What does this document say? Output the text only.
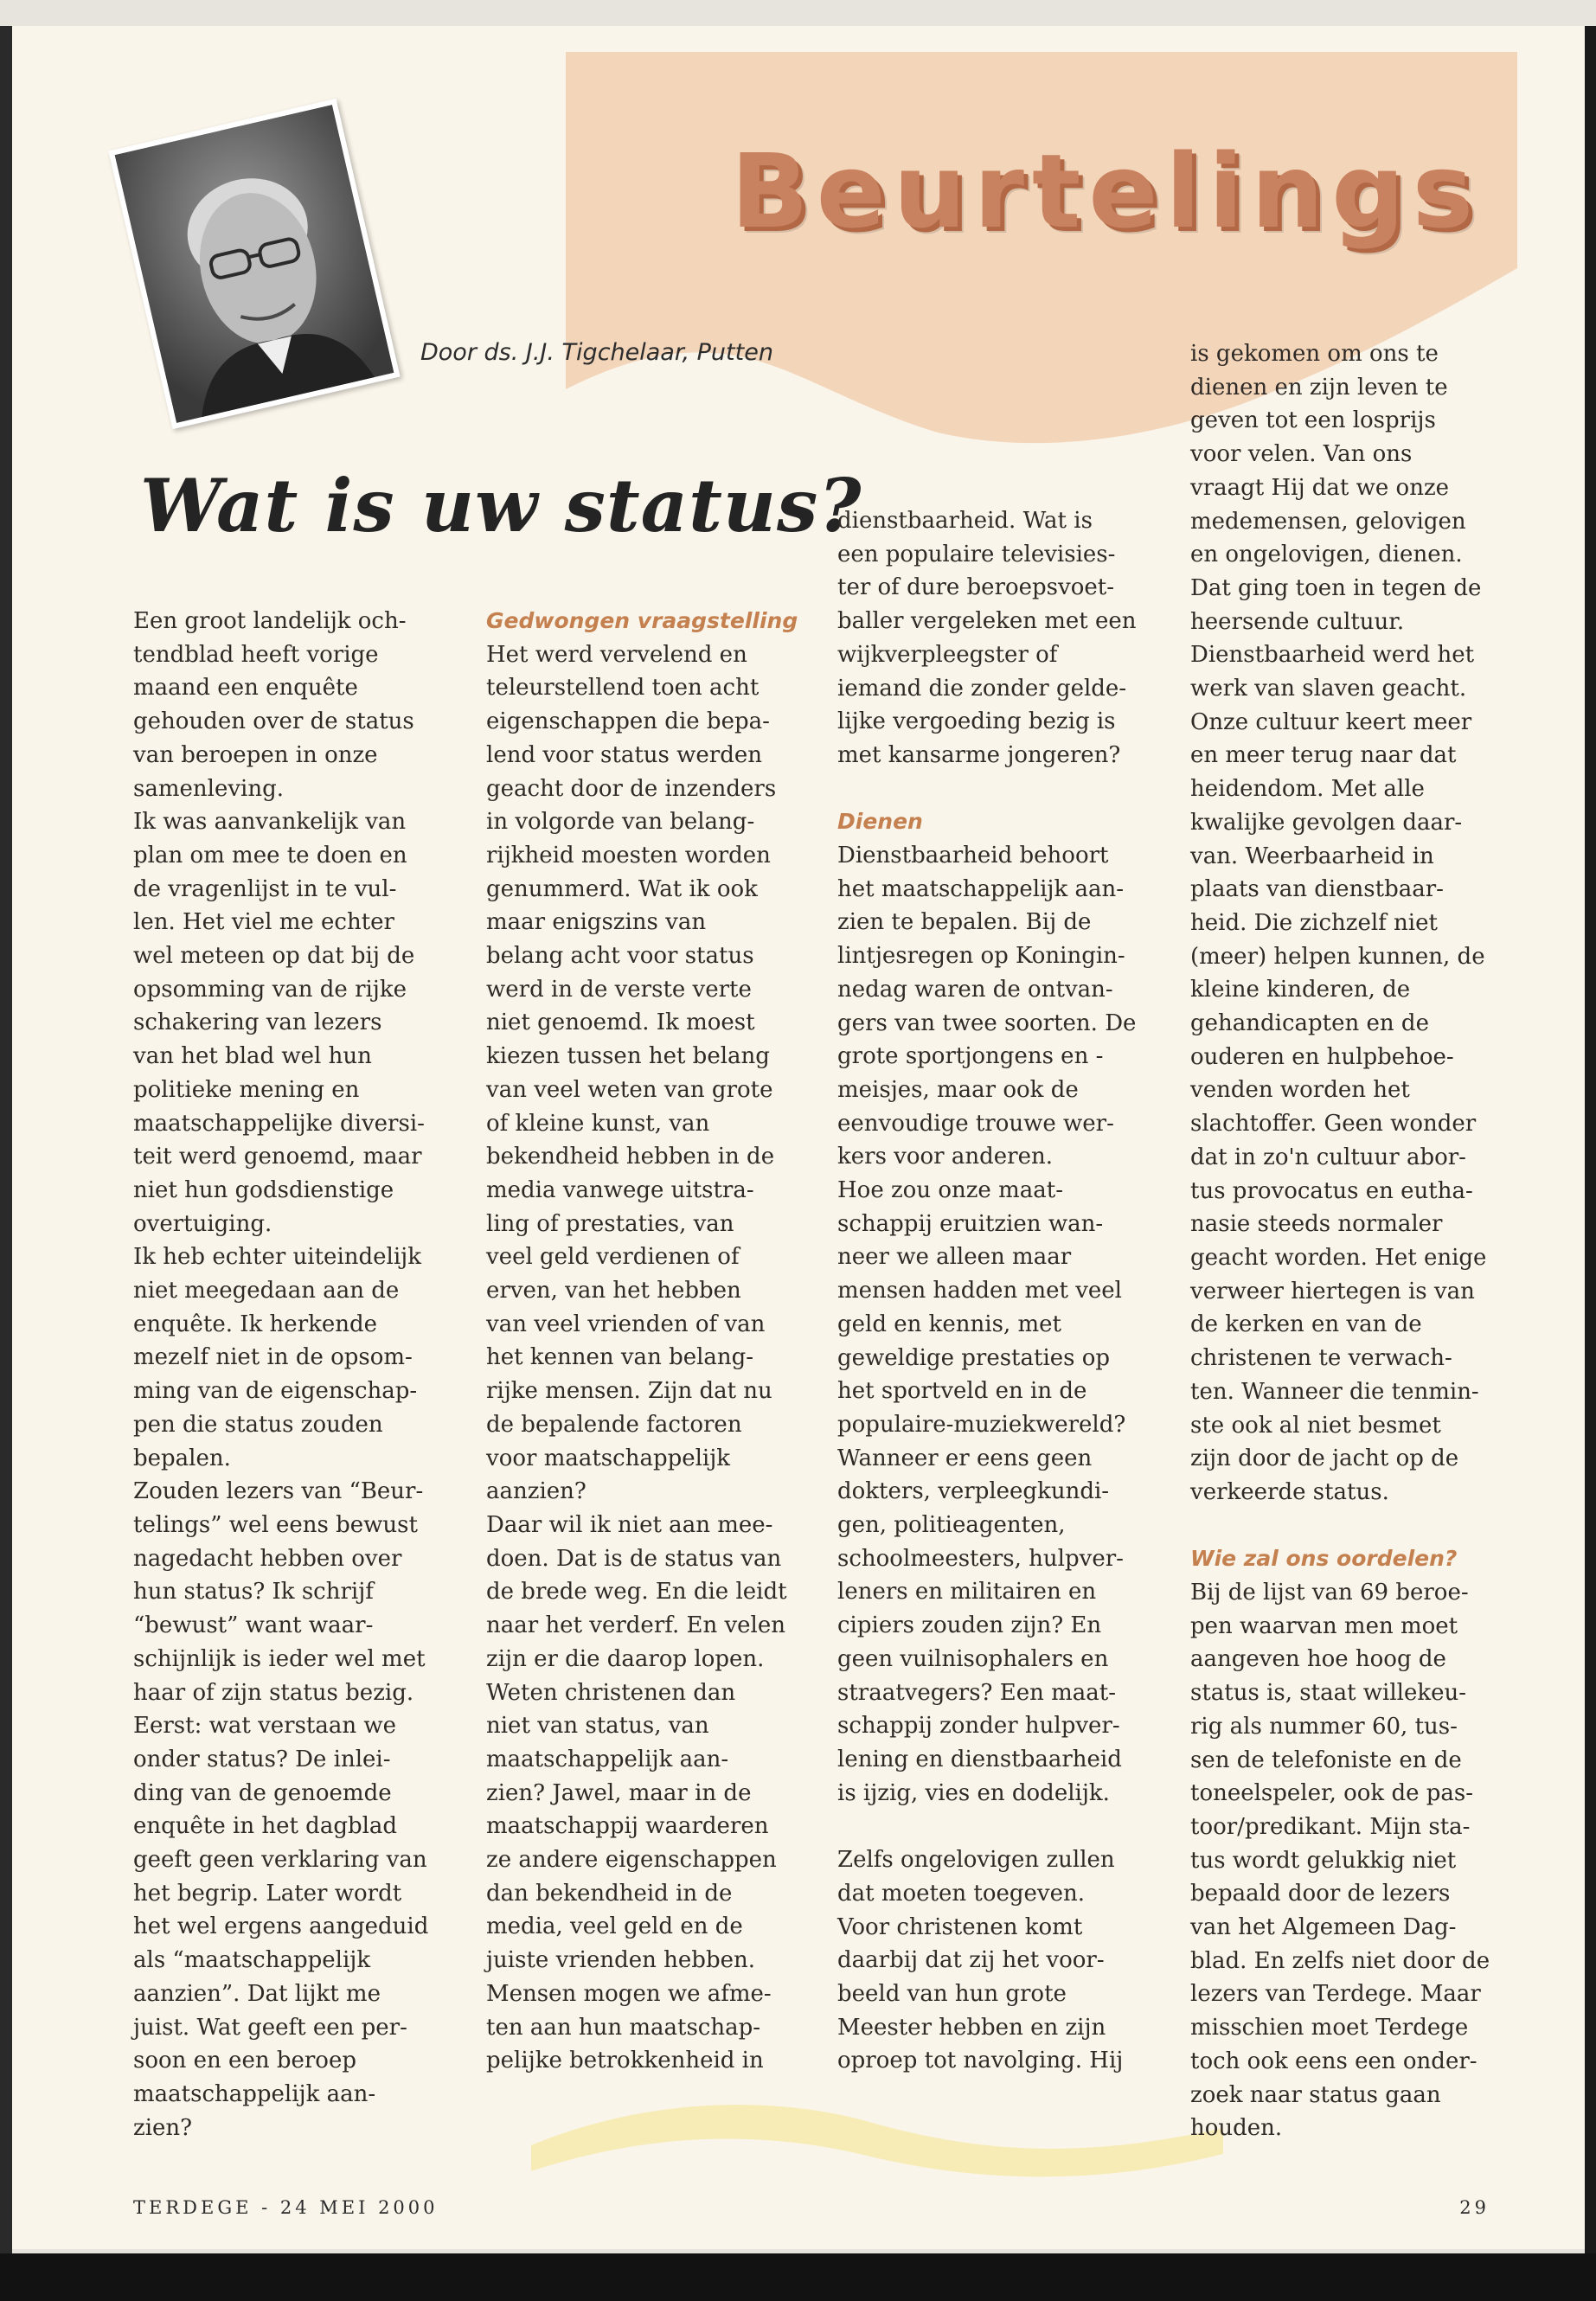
Beurtelings

Door ds. J.J. Tigchelaar, Putten

Wat is uw status?

Een groot landelijk och-
tendblad heeft vorige
maand een enquête
gehouden over de status
van beroepen in onze
samenleving.

Ik was aanvankelijk van
plan om mee te doen en
de vragenlijst in te vul-
len. Het viel me echter
wel meteen op dat bij de
opsomming van de rijke
schakering van lezers
van het blad wel hun
politieke mening en
maatschappelijke diversi-
teit werd genoemd, maar
niet hun godsdienstige
overtuiging.

Ik heb echter uiteindelijk
niet meegedaan aan de
enquête. Ik herkende
mezelf niet in de opsom-
ming van de eigenschap-
pen die status zouden
bepalen.

Zouden lezers van “Beur-
telings” wel eens bewust
nagedacht hebben over
hun status? Ik schrijf
“bewust” want waar-
schijnlijk is ieder wel met
haar of zijn status bezig.
Eerst: wat verstaan we
onder status? De inlei-
ding van de genoemde
enquête in het dagblad
geeft geen verklaring van
het begrip. Later wordt
het wel ergens aangeduid
als “maatschappelijk
aanzien”. Dat lijkt me
juist. Wat geeft een per-
soon en een beroep
maatschappelijk aan-
zien?

Gedwongen vraagstelling

Het werd vervelend en
teleurstellend toen acht
eigenschappen die bepa-
lend voor status werden
geacht door de inzenders
in volgorde van belang-
rijkheid moesten worden
genummerd. Wat ik ook
maar enigszins van
belang acht voor status
werd in de verste verte
niet genoemd. Ik moest
kiezen tussen het belang
van veel weten van grote
of kleine kunst, van
bekendheid hebben in de
media vanwege uitstra-
ling of prestaties, van
veel geld verdienen of
erven, van het hebben
van veel vrienden of van
het kennen van belang-
rijke mensen. Zijn dat nu
de bepalende factoren
voor maatschappelijk
aanzien?

Daar wil ik niet aan mee-
doen. Dat is de status van
de brede weg. En die leidt
naar het verderf. En velen
zijn er die daarop lopen.
Weten christenen dan
niet van status, van
maatschappelijk aan-
zien? Jawel, maar in de
maatschappij waarderen
ze andere eigenschappen
dan bekendheid in de
media, veel geld en de
juiste vrienden hebben.
Mensen mogen we afme-
ten aan hun maatschap-
pelijke betrokkenheid in

dienstbaarheid. Wat is
een populaire televisies-
ter of dure beroepsvoet-
baller vergeleken met een
wijkverpleegster of
iemand die zonder gelde-
lijke vergoeding bezig is
met kansarme jongeren?

Dienen

Dienstbaarheid behoort
het maatschappelijk aan-
zien te bepalen. Bij de
lintjesregen op Koningin-
nedag waren de ontvan-
gers van twee soorten. De
grote sportjongens en -
meisjes, maar ook de
eenvoudige trouwe wer-
kers voor anderen.

Hoe zou onze maat-
schappij eruitzien wan-
neer we alleen maar
mensen hadden met veel
geld en kennis, met
geweldige prestaties op
het sportveld en in de
populaire-muziekwereld?
Wanneer er eens geen
dokters, verpleegkundi-
gen, politieagenten,
schoolmeesters, hulpver-
leners en militairen en
cipiers zouden zijn? En
geen vuilnisophalers en
straatvegers? Een maat-
schappij zonder hulpver-
lening en dienstbaarheid
is ijzig, vies en dodelijk.

Zelfs ongelovigen zullen
dat moeten toegeven.
Voor christenen komt
daarbij dat zij het voor-
beeld van hun grote
Meester hebben en zijn
oproep tot navolging. Hij

is gekomen om ons te
dienen en zijn leven te
geven tot een losprijs
voor velen. Van ons
vraagt Hij dat we onze
medemensen, gelovigen
en ongelovigen, dienen.
Dat ging toen in tegen de
heersende cultuur.
Dienstbaarheid werd het
werk van slaven geacht.
Onze cultuur keert meer
en meer terug naar dat
heidendom. Met alle
kwalijke gevolgen daar-
van. Weerbaarheid in
plaats van dienstbaar-
heid. Die zichzelf niet
(meer) helpen kunnen, de
kleine kinderen, de
gehandicapten en de
ouderen en hulpbehoe-
venden worden het
slachtoffer. Geen wonder
dat in zo'n cultuur abor-
tus provocatus en eutha-
nasie steeds normaler
geacht worden. Het enige
verweer hiertegen is van
de kerken en van de
christenen te verwach-
ten. Wanneer die tenmin-
ste ook al niet besmet
zijn door de jacht op de
verkeerde status.

Wie zal ons oordelen?

Bij de lijst van 69 beroe-
pen waarvan men moet
aangeven hoe hoog de
status is, staat willekeu-
rig als nummer 60, tus-
sen de telefoniste en de
toneelspeler, ook de pas-
toor/predikant. Mijn sta-
tus wordt gelukkig niet
bepaald door de lezers
van het Algemeen Dag-
blad. En zelfs niet door de
lezers van Terdege. Maar
misschien moet Terdege
toch ook eens een onder-
zoek naar status gaan
houden.

TERDEGE - 24 MEI 2000	29
